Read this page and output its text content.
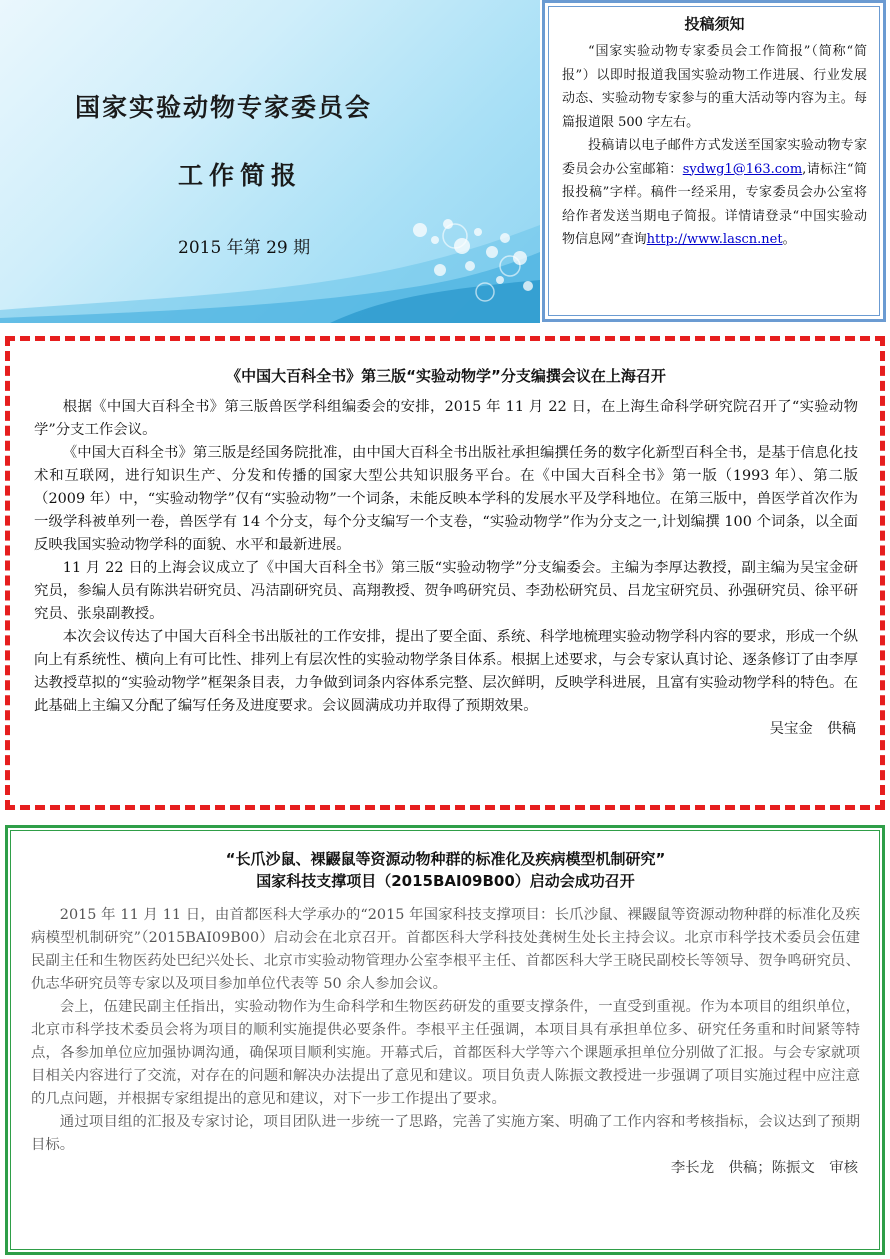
国家实验动物专家委员会
工作简报
2015 年第 29 期
投稿须知

“国家实验动物专家委员会工作简报”（简称“简报”）以即时报道我国实验动物工作进展、行业发展动态、实验动物专家参与的重大活动等内容为主。每篇报道限 500 字左右。

投稿请以电子邮件方式发送至国家实验动物专家委员会办公室邮箱：sydwg1@163.com,请标注“简报投稿”字样。稿件一经采用，专家委员会办公室将给作者发送当期电子简报。详情请登录“中国实验动物信息网”查询http://www.lascn.net。

《中国大百科全书》第三版“实验动物学”分支编撰会议在上海召开

根据《中国大百科全书》第三版兽医学科组编委会的安排，2015 年 11 月 22 日，在上海生命科学研究院召开了“实验动物学”分支工作会议。

《中国大百科全书》第三版是经国务院批准，由中国大百科全书出版社承担编撰任务的数字化新型百科全书，是基于信息化技术和互联网，进行知识生产、分发和传播的国家大型公共知识服务平台。在《中国大百科全书》第一版（1993 年）、第二版（2009 年）中，“实验动物学”仅有“实验动物”一个词条，未能反映本学科的发展水平及学科地位。在第三版中，兽医学首次作为一级学科被单列一卷，兽医学有 14 个分支，每个分支编写一个支卷，“实验动物学”作为分支之一,计划编撰 100 个词条，以全面反映我国实验动物学科的面貌、水平和最新进展。

11 月 22 日的上海会议成立了《中国大百科全书》第三版“实验动物学”分支编委会。主编为李厚达教授，副主编为吴宝金研究员，参编人员有陈洪岩研究员、冯洁副研究员、高翔教授、贺争鸣研究员、李劲松研究员、吕龙宝研究员、孙强研究员、徐平研究员、张泉副教授。

本次会议传达了中国大百科全书出版社的工作安排，提出了要全面、系统、科学地梳理实验动物学科内容的要求，形成一个纵向上有系统性、横向上有可比性、排列上有层次性的实验动物学条目体系。根据上述要求，与会专家认真讨论、逐条修订了由李厚达教授草拟的“实验动物学”框架条目表，力争做到词条内容体系完整、层次鲜明，反映学科进展，且富有实验动物学科的特色。在此基础上主编又分配了编写任务及进度要求。会议圆满成功并取得了预期效果。

吴宝金　供稿
“长爪沙鼠、裸鼹鼠等资源动物种群的标准化及疾病模型机制研究”
国家科技支撑项目（2015BAI09B00）启动会成功召开

2015 年 11 月 11 日，由首都医科大学承办的“2015 年国家科技支撑项目：长爪沙鼠、裸鼹鼠等资源动物种群的标准化及疾病模型机制研究”（2015BAI09B00）启动会在北京召开。首都医科大学科技处龚树生处长主持会议。北京市科学技术委员会伍建民副主任和生物医药处巴纪兴处长、北京市实验动物管理办公室李根平主任、首都医科大学王晓民副校长等领导、贺争鸣研究员、仇志华研究员等专家以及项目参加单位代表等 50 余人参加会议。

会上，伍建民副主任指出，实验动物作为生命科学和生物医药研发的重要支撑条件，一直受到重视。作为本项目的组织单位，北京市科学技术委员会将为项目的顺利实施提供必要条件。李根平主任强调，本项目具有承担单位多、研究任务重和时间紧等特点，各参加单位应加强协调沟通，确保项目顺利实施。开幕式后，首都医科大学等六个课题承担单位分别做了汇报。与会专家就项目相关内容进行了交流，对存在的问题和解决办法提出了意见和建议。项目负责人陈振文教授进一步强调了项目实施过程中应注意的几点问题，并根据专家组提出的意见和建议，对下一步工作提出了要求。

通过项目组的汇报及专家讨论，项目团队进一步统一了思路，完善了实施方案、明确了工作内容和考核指标，会议达到了预期目标。

李长龙　供稿；陈振文　审核
